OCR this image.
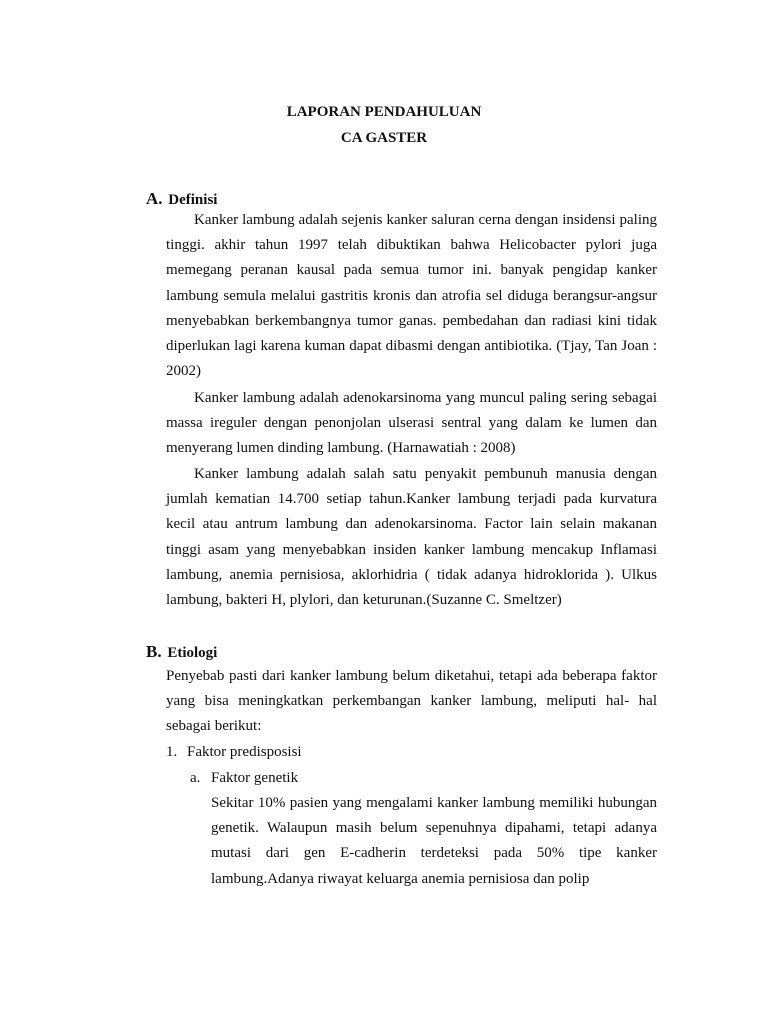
LAPORAN PENDAHULUAN
CA GASTER
A. Definisi

Kanker lambung adalah sejenis kanker saluran cerna dengan insidensi paling tinggi. akhir tahun 1997 telah dibuktikan bahwa Helicobacter pylori juga memegang peranan kausal pada semua tumor ini. banyak pengidap kanker lambung semula melalui gastritis kronis dan atrofia sel diduga berangsur-angsur menyebabkan berkembangnya tumor ganas. pembedahan dan radiasi kini tidak diperlukan lagi karena kuman dapat dibasmi dengan antibiotika. (Tjay, Tan Joan : 2002)

Kanker lambung adalah adenokarsinoma yang muncul paling sering sebagai massa ireguler dengan penonjolan ulserasi sentral yang dalam ke lumen dan menyerang lumen dinding lambung. (Harnawatiah : 2008)

Kanker lambung adalah salah satu penyakit pembunuh manusia dengan jumlah kematian 14.700 setiap tahun.Kanker lambung terjadi pada kurvatura kecil atau antrum lambung dan adenokarsinoma. Factor lain selain makanan tinggi asam yang menyebabkan insiden kanker lambung mencakup Inflamasi lambung, anemia pernisiosa, aklorhidria ( tidak adanya hidroklorida ). Ulkus lambung, bakteri H, plylori, dan keturunan.(Suzanne C. Smeltzer)

B. Etiologi

Penyebab pasti dari kanker lambung belum diketahui, tetapi ada beberapa faktor yang bisa meningkatkan perkembangan kanker lambung, meliputi hal- hal sebagai berikut:

1. Faktor predisposisi
a. Faktor genetik

Sekitar 10% pasien yang mengalami kanker lambung memiliki hubungan genetik. Walaupun masih belum sepenuhnya dipahami, tetapi adanya mutasi dari gen E-cadherin terdeteksi pada 50% tipe kanker lambung.Adanya riwayat keluarga anemia pernisiosa dan polip
